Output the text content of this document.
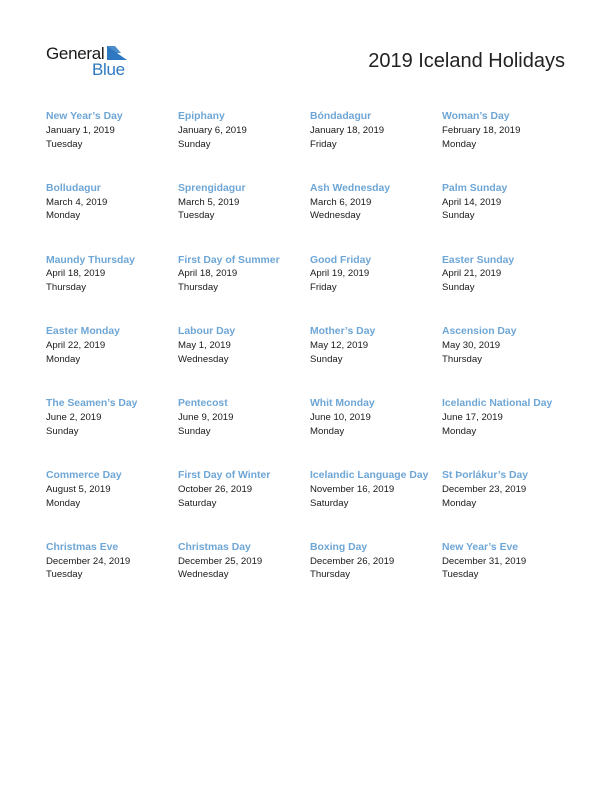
General
Blue	2019 Iceland Holidays
New Year’s Day
January 1, 2019
Tuesday
Epiphany
January 6, 2019
Sunday
Bóndadagur
January 18, 2019
Friday
Woman’s Day
February 18, 2019
Monday
Bolludagur
March 4, 2019
Monday
Sprengidagur
March 5, 2019
Tuesday
Ash Wednesday
March 6, 2019
Wednesday
Palm Sunday
April 14, 2019
Sunday
Maundy Thursday
April 18, 2019
Thursday
First Day of Summer
April 18, 2019
Thursday
Good Friday
April 19, 2019
Friday
Easter Sunday
April 21, 2019
Sunday
Easter Monday
April 22, 2019
Monday
Labour Day
May 1, 2019
Wednesday
Mother’s Day
May 12, 2019
Sunday
Ascension Day
May 30, 2019
Thursday
The Seamen’s Day
June 2, 2019
Sunday
Pentecost
June 9, 2019
Sunday
Whit Monday
June 10, 2019
Monday
Icelandic National Day
June 17, 2019
Monday
Commerce Day
August 5, 2019
Monday
First Day of Winter
October 26, 2019
Saturday
Icelandic Language Day
November 16, 2019
Saturday
St Þorlákur’s Day
December 23, 2019
Monday
Christmas Eve
December 24, 2019
Tuesday
Christmas Day
December 25, 2019
Wednesday
Boxing Day
December 26, 2019
Thursday
New Year’s Eve
December 31, 2019
Tuesday
